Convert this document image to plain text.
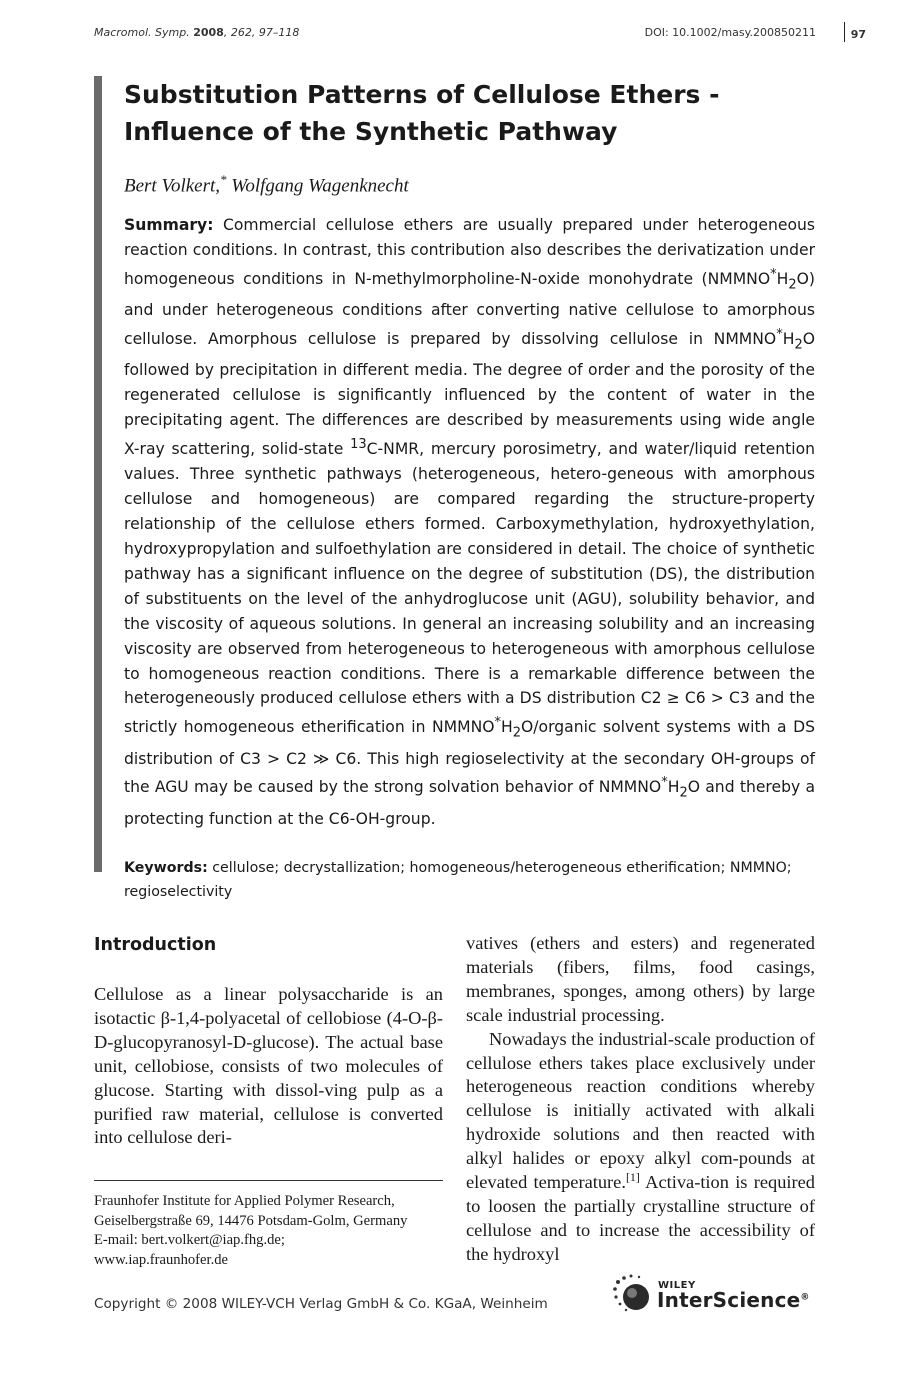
Macromol. Symp. 2008, 262, 97–118	DOI: 10.1002/masy.200850211	97
Substitution Patterns of Cellulose Ethers - Influence of the Synthetic Pathway

Bert Volkert,* Wolfgang Wagenknecht

Summary: Commercial cellulose ethers are usually prepared under heterogeneous reaction conditions. In contrast, this contribution also describes the derivatization under homogeneous conditions in N-methylmorpholine-N-oxide monohydrate $(NMMNO^*H_2O)$ and under heterogeneous conditions after converting native cellulose to amorphous cellulose. Amorphous cellulose is prepared by dissolving cellulose in $NMMNO^*H_2O$ followed by precipitation in different media. The degree of order and the porosity of the regenerated cellulose is significantly influenced by the content of water in the precipitating agent. The differences are described by measurements using wide angle X-ray scattering, solid-state $^{13}$C-NMR, mercury porosimetry, and water/liquid retention values. Three synthetic pathways (heterogeneous, hetero-geneous with amorphous cellulose and homogeneous) are compared regarding the structure-property relationship of the cellulose ethers formed. Carboxymethylation, hydroxyethylation, hydroxypropylation and sulfoethylation are considered in detail. The choice of synthetic pathway has a significant influence on the degree of substitution (DS), the distribution of substituents on the level of the anhydroglucose unit (AGU), solubility behavior, and the viscosity of aqueous solutions. In general an increasing solubility and an increasing viscosity are observed from heterogeneous to heterogeneous with amorphous cellulose to homogeneous reaction conditions. There is a remarkable difference between the heterogeneously produced cellulose ethers with a DS distribution C2 ≥ C6 > C3 and the strictly homogeneous etherification in $NMMNO^*H_2O$/organic solvent systems with a DS distribution of C3 > C2 ≫ C6. This high regioselectivity at the secondary OH-groups of the AGU may be caused by the strong solvation behavior of $NMMNO^*H_2O$ and thereby a protecting function at the C6-OH-group.

Keywords: cellulose; decrystallization; homogeneous/heterogeneous etherification; NMMNO; regioselectivity

Introduction

Cellulose as a linear polysaccharide is an isotactic β-1,4-polyacetal of cellobiose (4-O-β-D-glucopyranosyl-D-glucose). The actual base unit, cellobiose, consists of two molecules of glucose. Starting with dissol-ving pulp as a purified raw material, cellulose is converted into cellulose deri-

vatives (ethers and esters) and regenerated materials (fibers, films, food casings, membranes, sponges, among others) by large scale industrial processing.

Nowadays the industrial-scale production of cellulose ethers takes place exclusively under heterogeneous reaction conditions whereby cellulose is initially activated with alkali hydroxide solutions and then reacted with alkyl halides or epoxy alkyl com-pounds at elevated temperature.[1] Activa-tion is required to loosen the partially crystalline structure of cellulose and to increase the accessibility of the hydroxyl

Fraunhofer Institute for Applied Polymer Research,
Geiselbergstraße 69, 14476 Potsdam-Golm, Germany
E-mail: bert.volkert@iap.fhg.de;
www.iap.fraunhofer.de
Copyright © 2008 WILEY-VCH Verlag GmbH & Co. KGaA, Weinheim
WILEY
InterScience®
